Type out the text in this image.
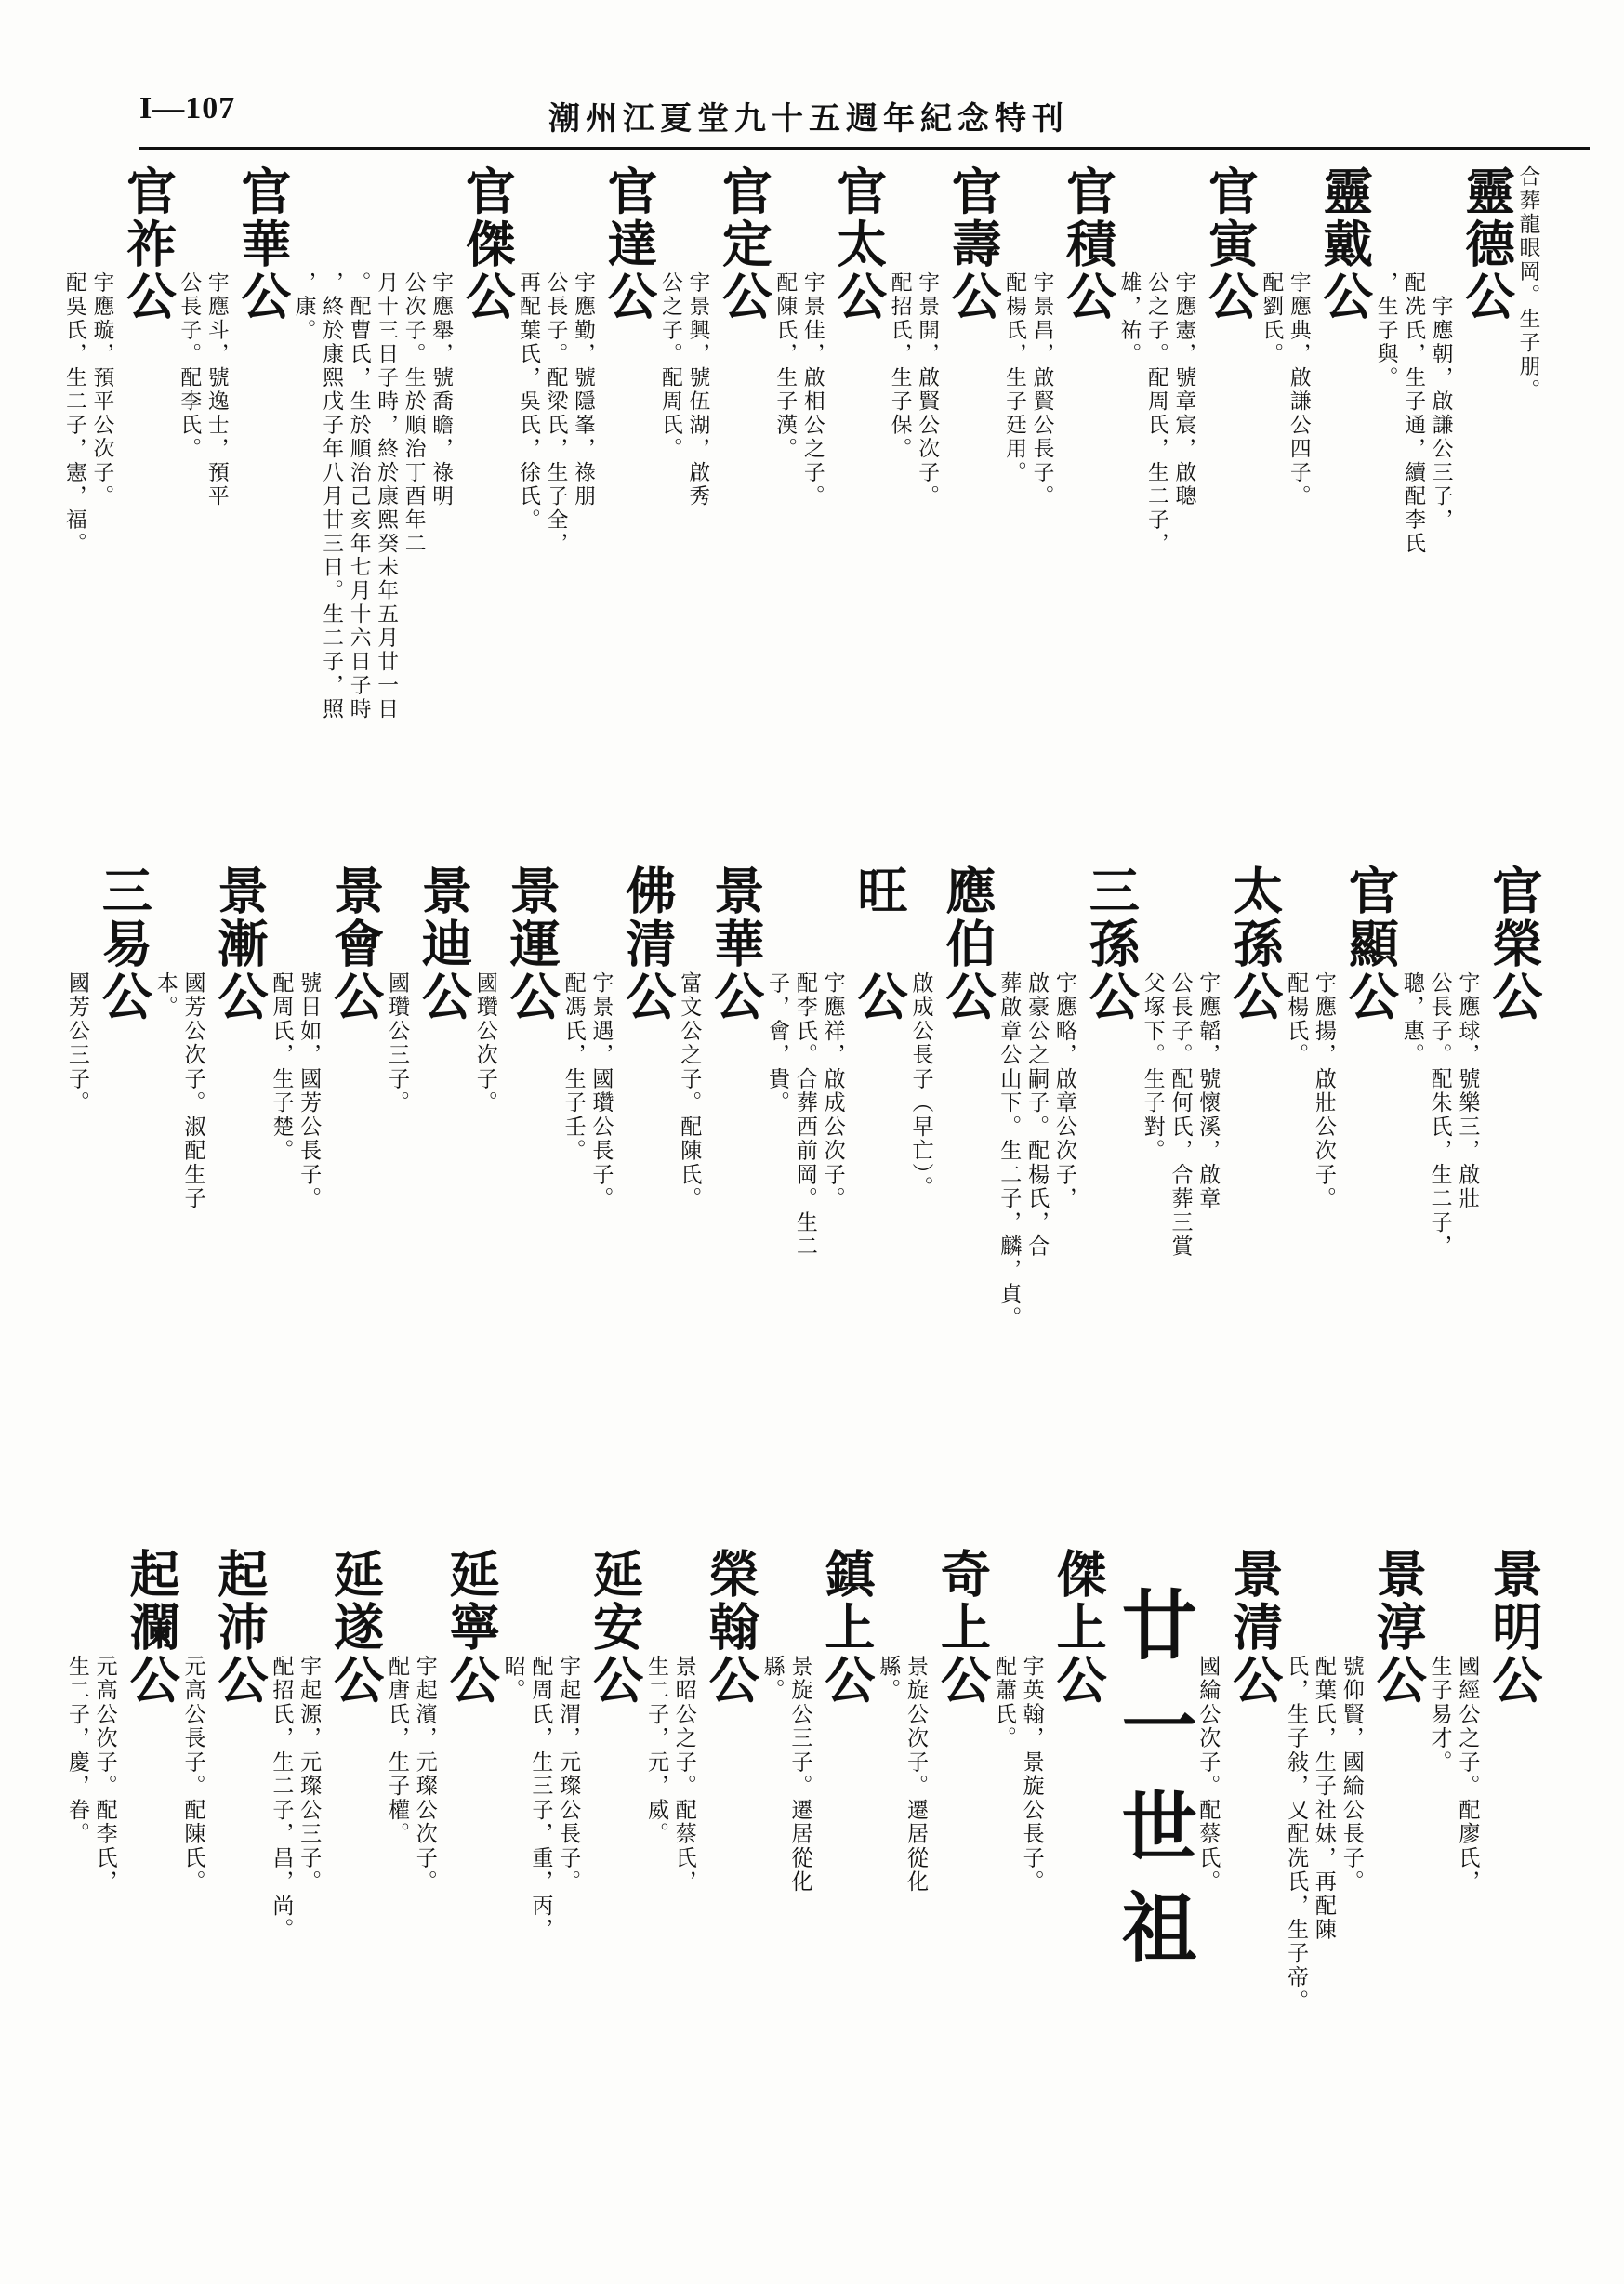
I—107	潮州江夏堂九十五週年紀念特刊
合葬龍眼岡。生子朋。
靈德公
　宇應朝，啟謙公三子，
配冼氏，生子通，續配李氏
，生子與。
靈戴公
宇應典，啟謙公四子。
配劉氏。
官寅公
宇應憲，號章宸，啟聰
公之子。配周氏，生二子，
雄，祐。
官積公
宇景昌，啟賢公長子。
配楊氏，生子廷用。
官壽公
宇景開，啟賢公次子。
配招氏，生子保。
官太公
宇景佳，啟相公之子。
配陳氏，生子漢。
官定公
宇景興，號伍湖，啟秀
公之子。配周氏。
官達公
宇應勤，號隱峯，祿朋
公長子。配梁氏，生子全，
再配葉氏，吳氏，徐氏。
官傑公
宇應舉，號喬瞻，祿明
公次子。生於順治丁酉年二
月十三日子時，終於康熙癸未年五月廿一日
。配曹氏，生於順治己亥年七月十六日子時
，終於康熙戊子年八月廿三日。生二子，照
，康。
官華公
宇應斗，號逸士，預平
公長子。配李氏。
官祚公
宇應璇，預平公次子。
配吳氏，生二子，憲，福。
官榮公
宇應球，號樂三，啟壯
公長子。配朱氏，生二子，
聰，惠。
官顯公
宇應揚，啟壯公次子。
配楊氏。
太孫公
宇應韜，號懷溪，啟章
公長子。配何氏，合葬三賞
父塚下。生子對。
三孫公
宇應略，啟章公次子，
啟豪公之嗣子。配楊氏，合
葬啟章公山下。生二子，麟，貞。
應伯公
啟成公長子（早亡）。
旺　公
宇應祥，啟成公次子。
配李氏。合葬西前岡。生二
子，會，貴。
景華公
富文公之子。配陳氏。
佛清公
宇景遇，國瓚公長子。
配馮氏，生子壬。
景運公
國瓚公次子。
景迪公
國瓚公三子。
景會公
號日如，國芳公長子。
配周氏，生子楚。
景漸公
國芳公次子。淑配生子
本。
三易公
國芳公三子。
景明公
國經公之子。配廖氏，
生子易才。
景淳公
號仰賢，國綸公長子。
配葉氏，生子社妹，再配陳
氏，生子敍，又配冼氏，生子帝。
景清公
國綸公次子。配蔡氏。
廿一世祖
傑上公
宇英翰，景旋公長子。
配蕭氏。
奇上公
景旋公次子。遷居從化
縣。
鎮上公
景旋公三子。遷居從化
縣。
榮翰公
景昭公之子。配蔡氏，
生二子，元，威。
延安公
宇起渭，元璨公長子。
配周氏，生三子，重，丙，
昭。
延寧公
宇起濱，元璨公次子。
配唐氏，生子權。
延遂公
宇起源，元璨公三子。
配招氏，生二子，昌，尚。
起沛公
元高公長子。配陳氏。
起瀾公
元高公次子。配李氏，
生二子，慶，眷。
